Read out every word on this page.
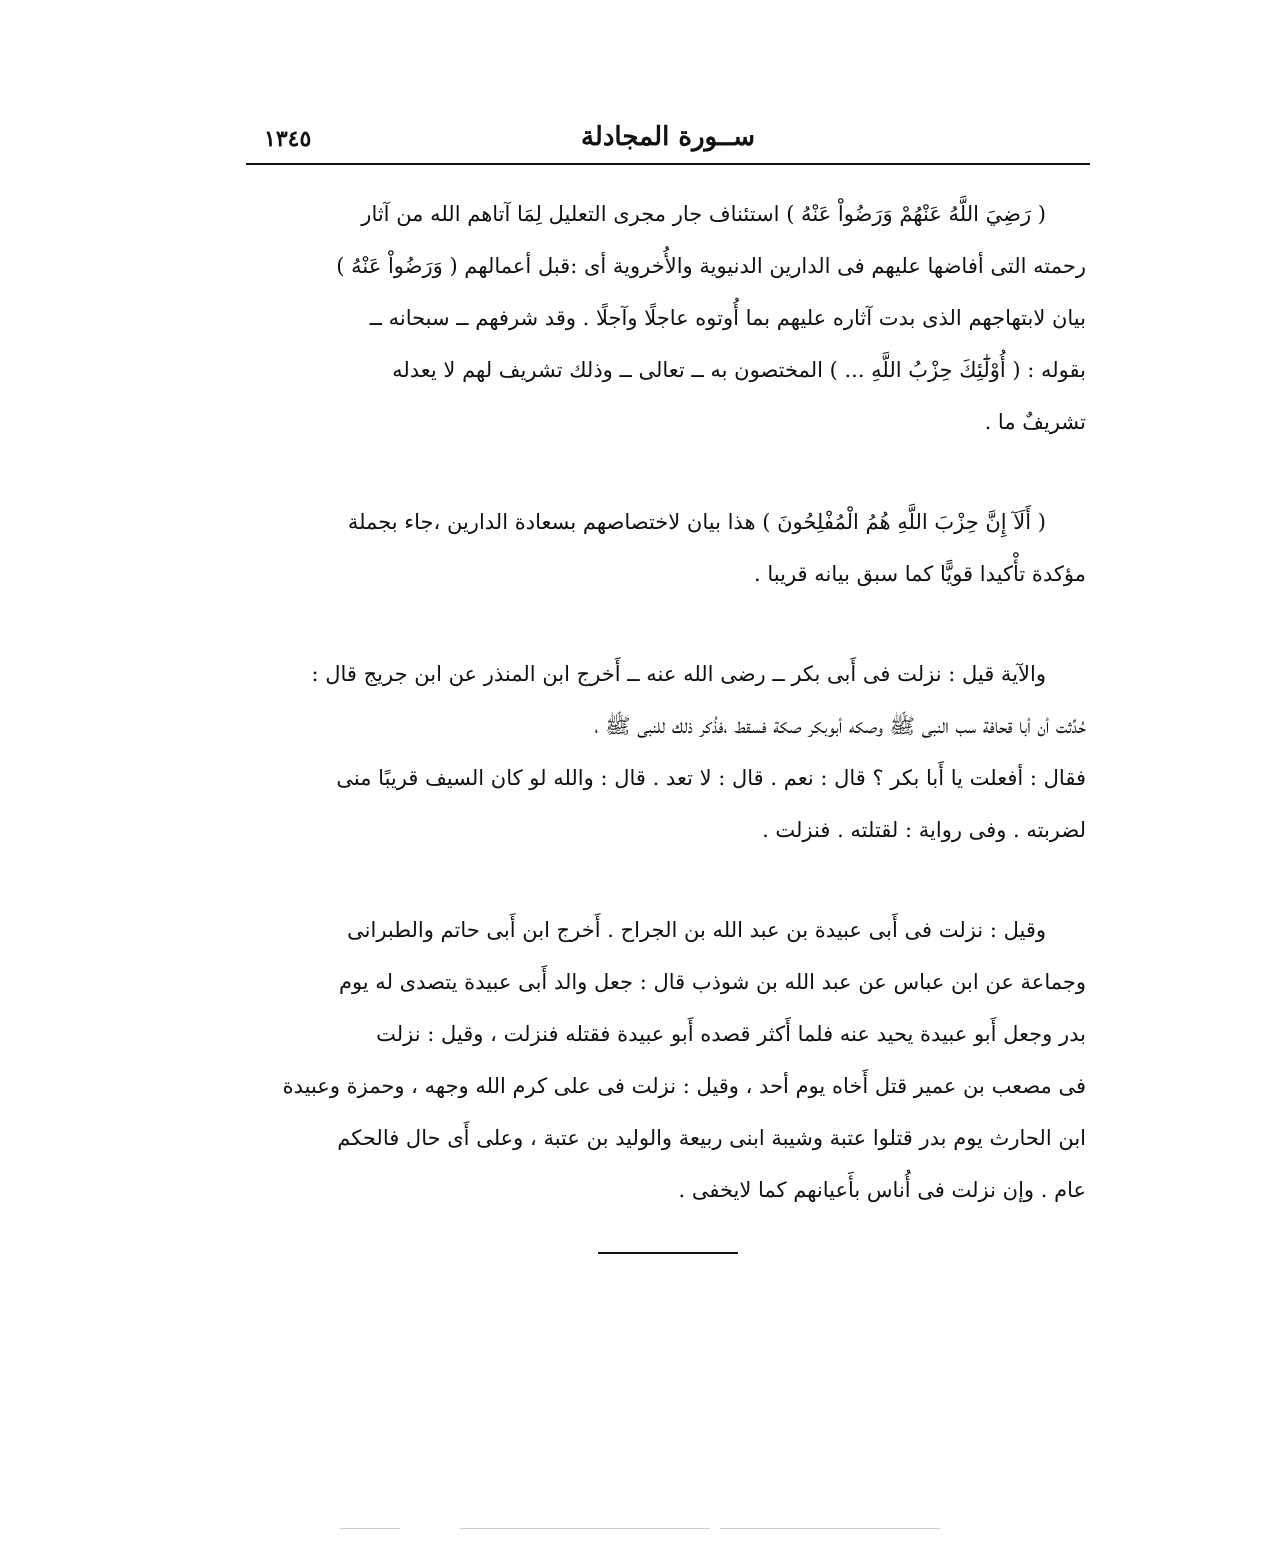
١٣٤٥	ســورة المجادلة

( رَضِيَ اللَّهُ عَنْهُمْ وَرَضُواْ عَنْهُ ) استئناف جار مجرى التعليل لِمَا آتاهم الله من آثار
رحمته التى أفاضها عليهم فى الدارين الدنيوية والأُخروية أى :قبل أعمالهم ( وَرَضُواْ عَنْهُ )
بيان لابتهاجهم الذى بدت آثاره عليهم بما أُوتوه عاجلًا وآجلًا . وقد شرفهم ــ سبحانه ــ
بقوله : ( أُوْلَٰٓئِكَ حِزْبُ اللَّهِ ... ) المختصون به ــ تعالى ــ وذلك تشريف لهم لا يعدله
تشريفٌ ما .

( أَلَآ إِنَّ حِزْبَ اللَّهِ هُمُ الْمُفْلِحُونَ ) هذا بيان لاختصاصهم بسعادة الدارين ،جاء بجملة
مؤكدة تأْكيدا قويًّا كما سبق بيانه قريبا .

والآية قيل : نزلت فى أَبى بكر ــ رضى الله عنه ــ أَخرج ابن المنذر عن ابن جريج قال :
حُدِّثت أن أبا قحافة سب النبى ﷺ وصكه أبوبكر صكة فسقط ،فذُكر ذلك للنبى ﷺ ،
فقال : أفعلت يا أَبا بكر ؟ قال : نعم . قال : لا تعد . قال : والله لو كان السيف قريبًا منى
لضربته . وفى رواية : لقتلته . فنزلت .

وقيل : نزلت فى أَبى عبيدة بن عبد الله بن الجراح . أَخرج ابن أَبى حاتم والطبرانى
وجماعة عن ابن عباس عن عبد الله بن شوذب قال : جعل والد أَبى عبيدة يتصدى له يوم
بدر وجعل أَبو عبيدة يحيد عنه فلما أَكثر قصده أَبو عبيدة فقتله فنزلت ، وقيل : نزلت
فى مصعب بن عمير قتل أَخاه يوم أحد ، وقيل : نزلت فى على كرم الله وجهه ، وحمزة وعبيدة
ابن الحارث يوم بدر قتلوا عتبة وشيبة ابنى ربيعة والوليد بن عتبة ، وعلى أَى حال فالحكم
عام . وإن نزلت فى أُناس بأَعيانهم كما لايخفى .
